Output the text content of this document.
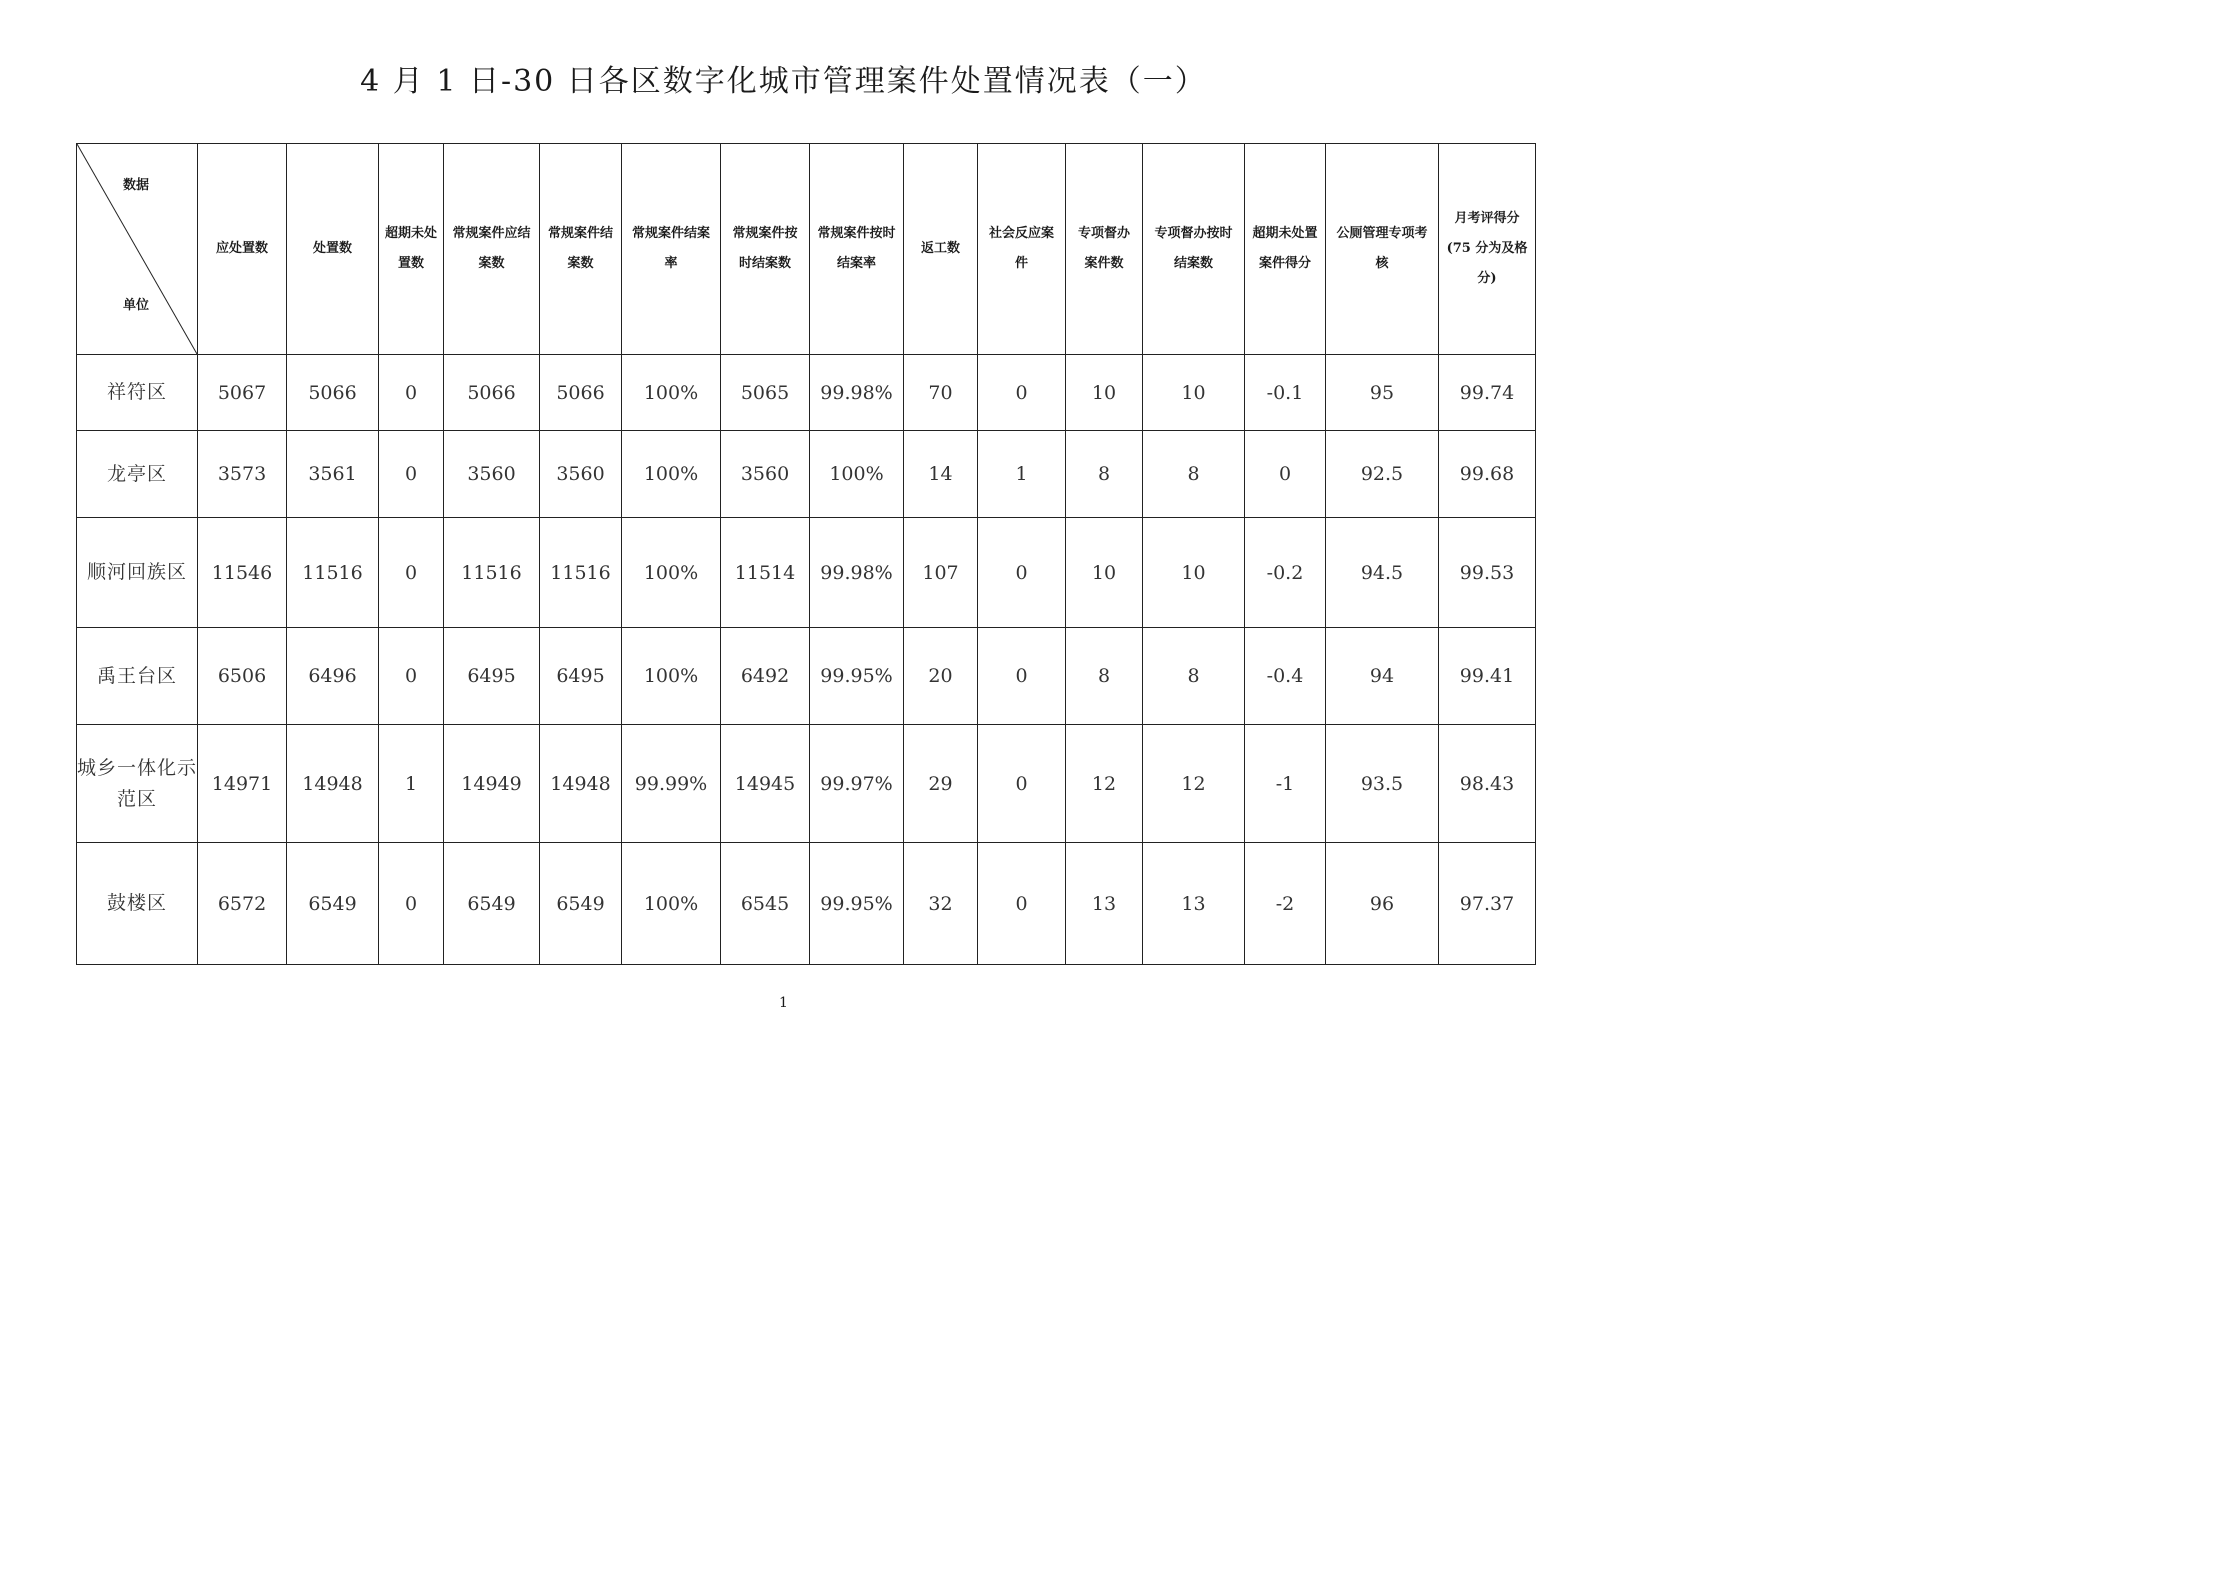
4 月 1 日-30 日各区数字化城市管理案件处置情况表（一）
数据
单位	应处置数	处置数	超期未处置数	常规案件应结案数	常规案件结案数	常规案件结案率	常规案件按时结案数	常规案件按时结案率	返工数	社会反应案件	专项督办案件数	专项督办按时结案数	超期未处置案件得分	公厕管理专项考核	月考评得分(75 分为及格分)
祥符区	5067	5066	0	5066	5066	100%	5065	99.98%	70	0	10	10	-0.1	95	99.74
龙亭区	3573	3561	0	3560	3560	100%	3560	100%	14	1	8	8	0	92.5	99.68
顺河回族区	11546	11516	0	11516	11516	100%	11514	99.98%	107	0	10	10	-0.2	94.5	99.53
禹王台区	6506	6496	0	6495	6495	100%	6492	99.95%	20	0	8	8	-0.4	94	99.41
城乡一体化示范区	14971	14948	1	14949	14948	99.99%	14945	99.97%	29	0	12	12	-1	93.5	98.43
鼓楼区	6572	6549	0	6549	6549	100%	6545	99.95%	32	0	13	13	-2	96	97.37
1
